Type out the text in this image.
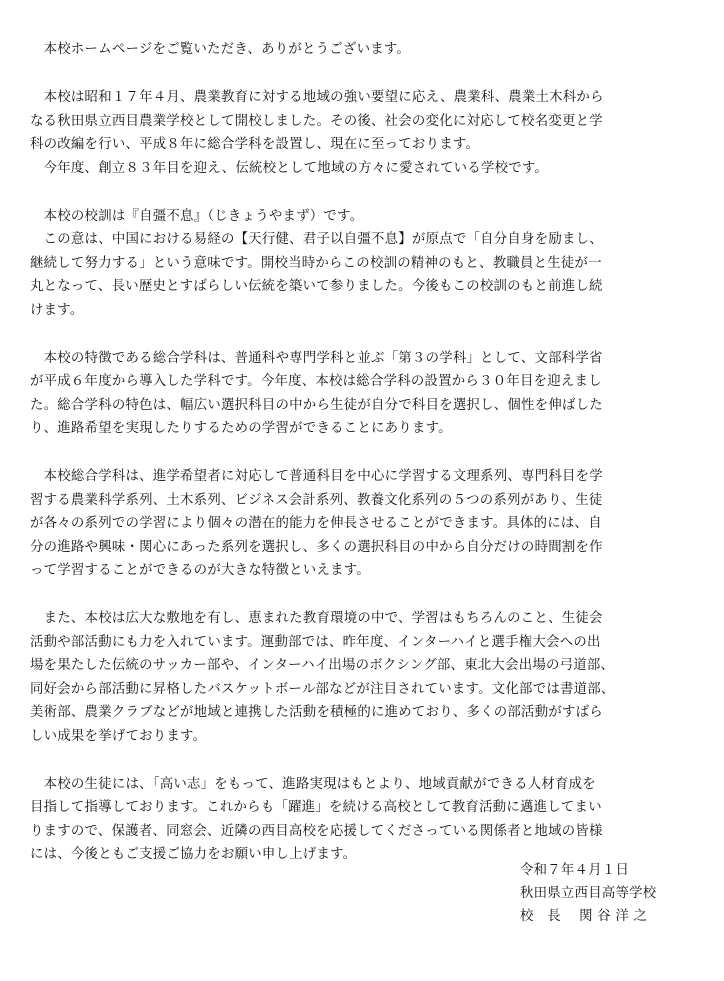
　本校ホームページをご覧いただき、ありがとうございます。
　本校は昭和１７年４月、農業教育に対する地域の強い要望に応え、農業科、農業土木科から
なる秋田県立西目農業学校として開校しました。その後、社会の変化に対応して校名変更と学
科の改編を行い、平成８年に総合学科を設置し、現在に至っております。
　今年度、創立８３年目を迎え、伝統校として地域の方々に愛されている学校です。
　本校の校訓は『自彊不息』（じきょうやまず）です。
　この意は、中国における易経の【天行健、君子以自彊不息】が原点で「自分自身を励まし、
継続して努力する」という意味です。開校当時からこの校訓の精神のもと、教職員と生徒が一
丸となって、長い歴史とすばらしい伝統を築いて参りました。今後もこの校訓のもと前進し続
けます。
　本校の特徴である総合学科は、普通科や専門学科と並ぶ「第３の学科」として、文部科学省
が平成６年度から導入した学科です。今年度、本校は総合学科の設置から３０年目を迎えまし
た。総合学科の特色は、幅広い選択科目の中から生徒が自分で科目を選択し、個性を伸ばした
り、進路希望を実現したりするための学習ができることにあります。
　本校総合学科は、進学希望者に対応して普通科目を中心に学習する文理系列、専門科目を学
習する農業科学系列、土木系列、ビジネス会計系列、教養文化系列の５つの系列があり、生徒
が各々の系列での学習により個々の潜在的能力を伸長させることができます。具体的には、自
分の進路や興味・関心にあった系列を選択し、多くの選択科目の中から自分だけの時間割を作
って学習することができるのが大きな特徴といえます。
　また、本校は広大な敷地を有し、恵まれた教育環境の中で、学習はもちろんのこと、生徒会
活動や部活動にも力を入れています。運動部では、昨年度、インターハイと選手権大会への出
場を果たした伝統のサッカー部や、インターハイ出場のボクシング部、東北大会出場の弓道部、
同好会から部活動に昇格したバスケットボール部などが注目されています。文化部では書道部、
美術部、農業クラブなどが地域と連携した活動を積極的に進めており、多くの部活動がすばら
しい成果を挙げております。
　本校の生徒には、「高い志」をもって、進路実現はもとより、地域貢献ができる人材育成を
目指して指導しております。これからも「躍進」を続ける高校として教育活動に邁進してまい
りますので、保護者、同窓会、近隣の西目高校を応援してくださっている関係者と地域の皆様
には、今後ともご支援ご協力をお願い申し上げます。
令和７年４月１日
秋田県立西目高等学校
校　長　 関 谷 洋 之
